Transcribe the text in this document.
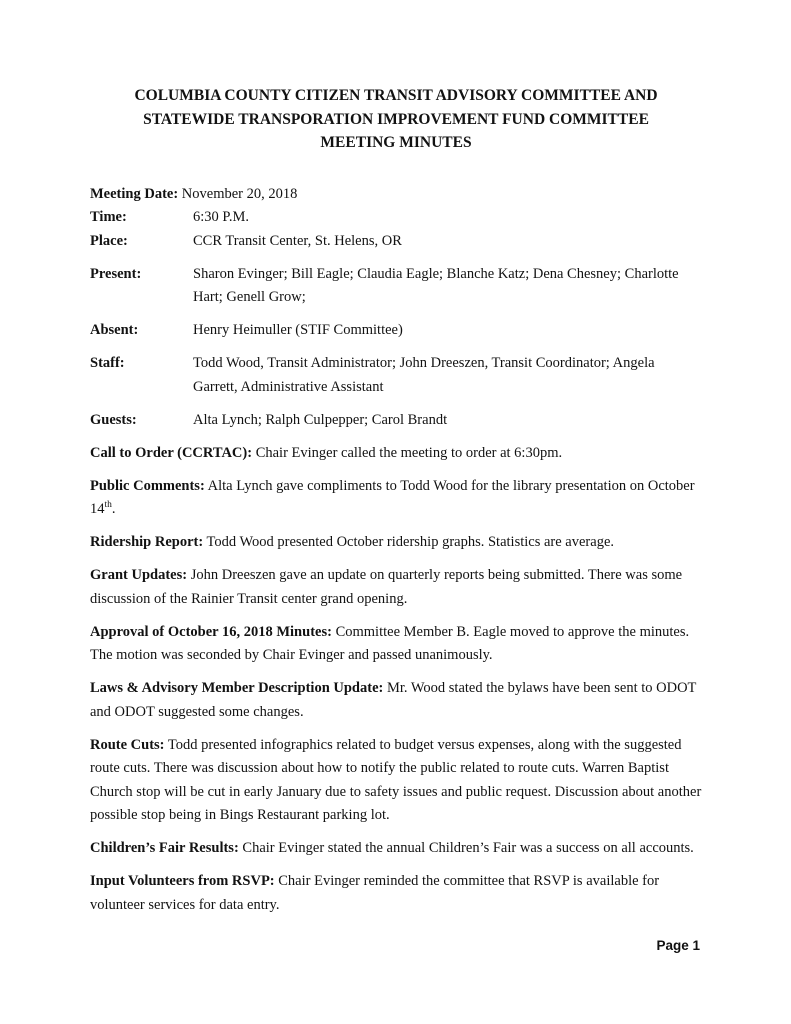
COLUMBIA COUNTY CITIZEN TRANSIT ADVISORY COMMITTEE AND
STATEWIDE TRANSPORATION IMPROVEMENT FUND COMMITTEE
MEETING MINUTES
Meeting Date: November 20, 2018
Time:	6:30 P.M.
Place:	CCR Transit Center, St. Helens, OR
Present:	Sharon Evinger; Bill Eagle; Claudia Eagle; Blanche Katz; Dena Chesney; Charlotte Hart; Genell Grow;
Absent:	Henry Heimuller (STIF Committee)
Staff:	Todd Wood, Transit Administrator; John Dreeszen, Transit Coordinator; Angela Garrett, Administrative Assistant
Guests:	Alta Lynch; Ralph Culpepper; Carol Brandt
Call to Order (CCRTAC): Chair Evinger called the meeting to order at 6:30pm.
Public Comments: Alta Lynch gave compliments to Todd Wood for the library presentation on October 14th.
Ridership Report: Todd Wood presented October ridership graphs. Statistics are average.
Grant Updates: John Dreeszen gave an update on quarterly reports being submitted. There was some discussion of the Rainier Transit center grand opening.
Approval of October 16, 2018 Minutes: Committee Member B. Eagle moved to approve the minutes. The motion was seconded by Chair Evinger and passed unanimously.
Laws & Advisory Member Description Update: Mr. Wood stated the bylaws have been sent to ODOT and ODOT suggested some changes.
Route Cuts: Todd presented infographics related to budget versus expenses, along with the suggested route cuts. There was discussion about how to notify the public related to route cuts. Warren Baptist Church stop will be cut in early January due to safety issues and public request. Discussion about another possible stop being in Bings Restaurant parking lot.
Children’s Fair Results: Chair Evinger stated the annual Children’s Fair was a success on all accounts.
Input Volunteers from RSVP: Chair Evinger reminded the committee that RSVP is available for volunteer services for data entry.
Page 1
